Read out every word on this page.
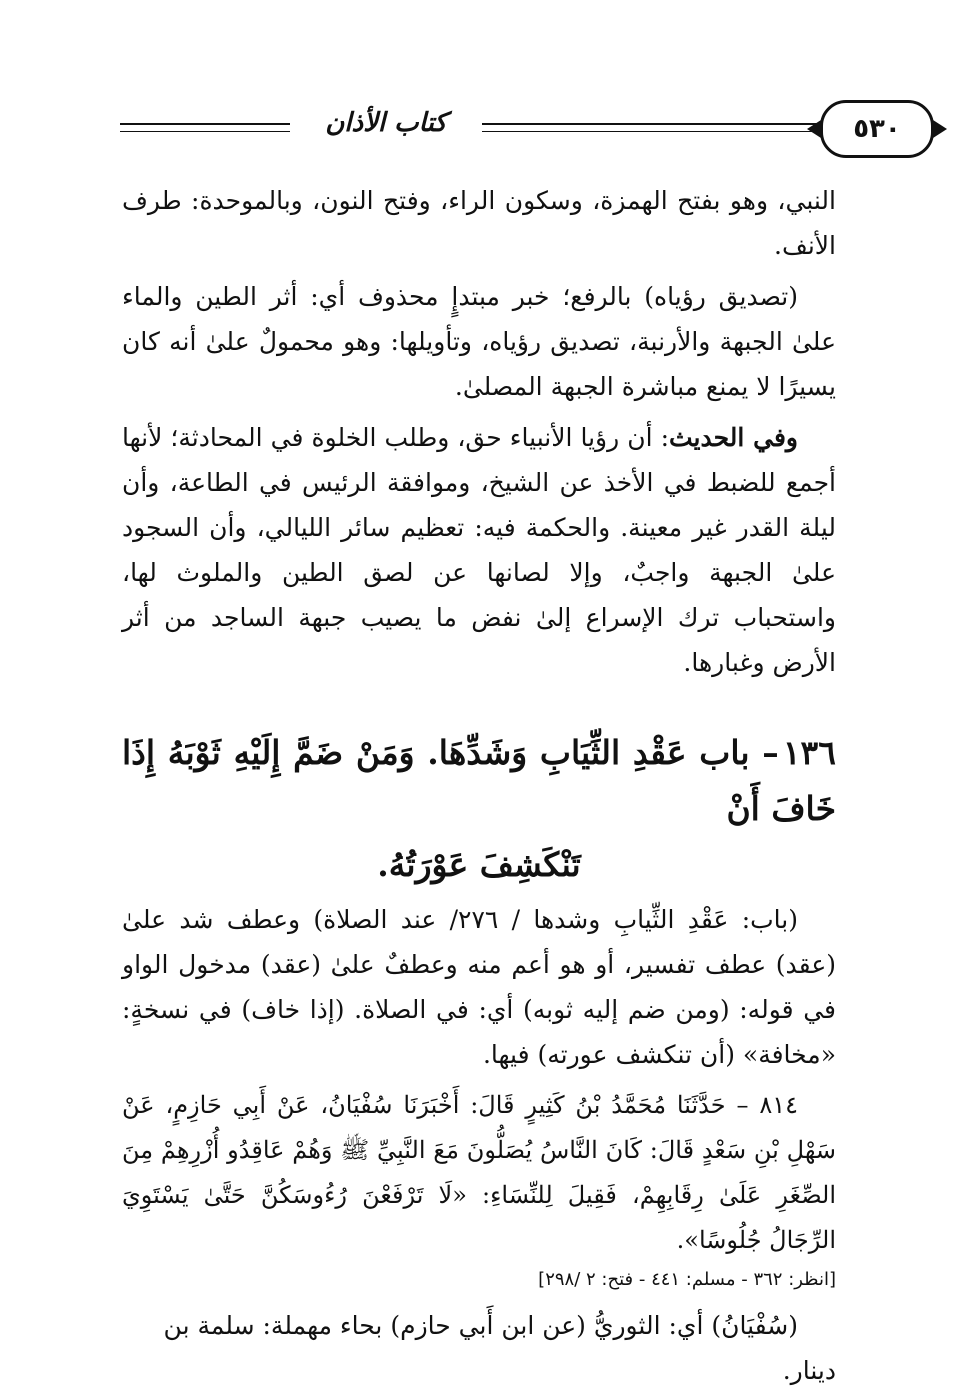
كتاب الأذان	٥٣٠

النبي، وهو بفتح الهمزة، وسكون الراء، وفتح النون، وبالموحدة: طرف الأنف.

(تصديق رؤياه) بالرفع؛ خبر مبتدإٍ محذوف أي: أثر الطين والماء علىٰ الجبهة والأرنبة، تصديق رؤياه، وتأويلها: وهو محمولٌ علىٰ أنه كان يسيرًا لا يمنع مباشرة الجبهة المصلىٰ.

وفي الحديث: أن رؤيا الأنبياء حق، وطلب الخلوة في المحادثة؛ لأنها أجمع للضبط في الأخذ عن الشيخ، وموافقة الرئيس في الطاعة، وأن ليلة القدر غير معينة. والحكمة فيه: تعظيم سائر الليالي، وأن السجود علىٰ الجبهة واجبٌ، وإلا لصانها عن لصق الطين والملوث لها، واستحباب ترك الإسراع إلىٰ نفض ما يصيب جبهة الساجد من أثر الأرض وغبارها.

١٣٦– باب عَقْدِ الثِّيَابِ وَشَدِّهَا. وَمَنْ ضَمَّ إِلَيْهِ ثَوْبَهُ إِذَا خَافَ أَنْ
تَنْكَشِفَ عَوْرَتُهُ.

(باب: عَقْدِ الثِّيابِ وشدها / ٢٧٦/ عند الصلاة) وعطف شد علىٰ (عقد) عطف تفسير، أو هو أعم منه وعطفٌ علىٰ (عقد) مدخول الواو في قوله: (ومن ضم إليه ثوبه) أي: في الصلاة. (إذا خاف) في نسخةٍ: «مخافة» (أن تنكشف عورته) فيها.

٨١٤ – حَدَّثَنَا مُحَمَّدُ بْنُ كَثِيرٍ قَالَ: أَخْبَرَنَا سُفْيَانُ، عَنْ أَبِي حَازِمٍ، عَنْ سَهْلِ بْنِ سَعْدٍ قَالَ: كَانَ النَّاسُ يُصَلُّونَ مَعَ النَّبِيِّ ﷺ وَهُمْ عَاقِدُو أُزْرِهِمْ مِنَ الصِّغَرِ عَلَىٰ رِقَابِهِمْ، فَقِيلَ لِلنِّسَاءِ: «لَا تَرْفَعْنَ رُءُوسَكُنَّ حَتَّىٰ يَسْتَوِيَ الرِّجَالُ جُلُوسًا».

[انظر: ٣٦٢ - مسلم: ٤٤١ - فتح: ٢ /٢٩٨]

(سُفْيَانُ) أي: الثوريُّ (عن ابن أَبي حازم) بحاء مهملة: سلمة بن

دينار.
